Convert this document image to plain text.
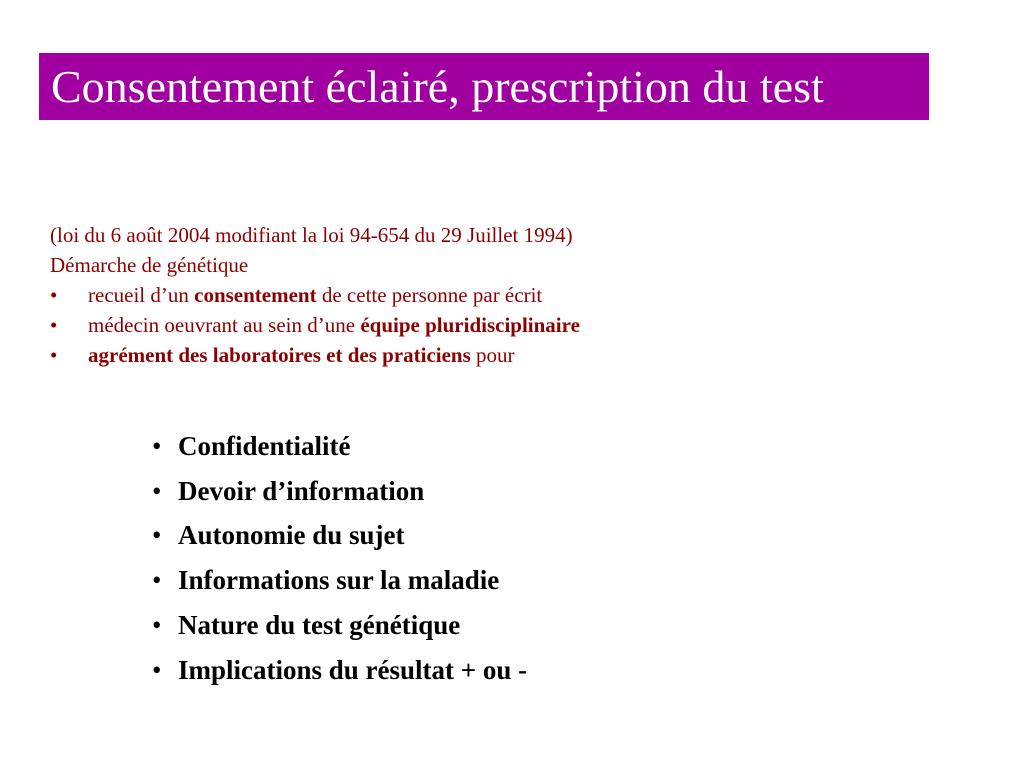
Consentement éclairé, prescription du test
(loi du 6 août 2004 modifiant la loi 94-654 du 29 Juillet 1994)
Démarche de génétique
•	recueil d’un consentement de cette personne par écrit
•	médecin oeuvrant au sein d’une équipe pluridisciplinaire
•	agrément des laboratoires et des praticiens pour
• Confidentialité
• Devoir d’information
• Autonomie du sujet
• Informations sur la maladie
• Nature du test génétique
• Implications du résultat + ou -
